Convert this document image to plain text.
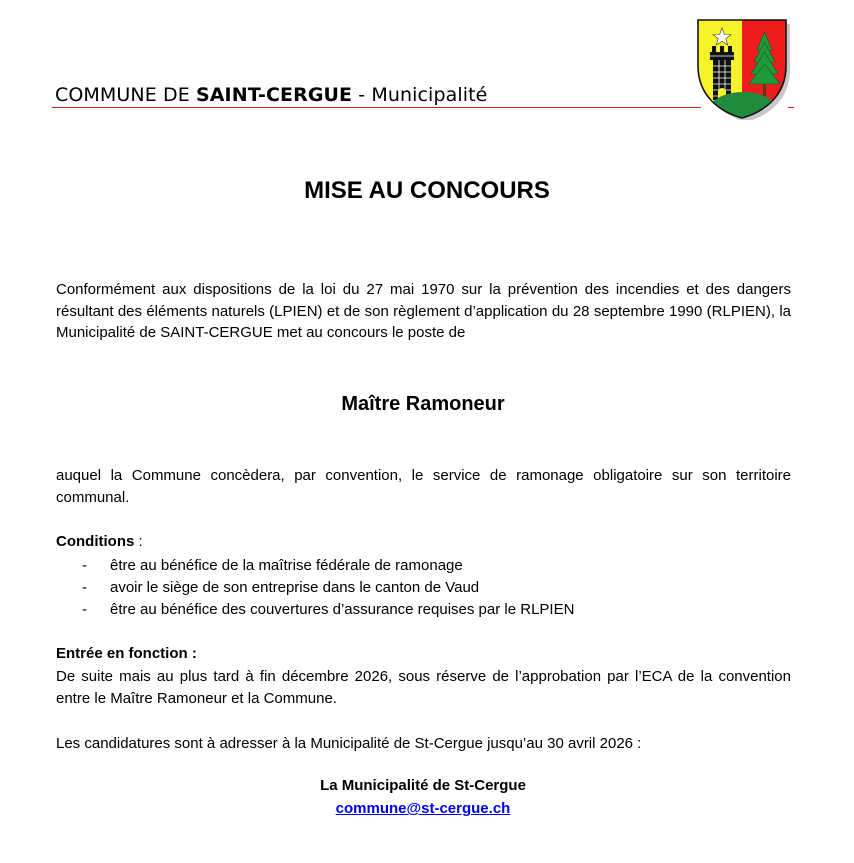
COMMUNE DE SAINT-CERGUE - Municipalité
MISE AU CONCOURS
Conformément aux dispositions de la loi du 27 mai 1970 sur la prévention des incendies et des dangers résultant des éléments naturels (LPIEN) et de son règlement d’application du 28 septembre 1990 (RLPIEN), la Municipalité de SAINT-CERGUE met au concours le poste de
Maître Ramoneur
auquel la Commune concèdera, par convention, le service de ramonage obligatoire sur son territoire communal.
Conditions :
- être au bénéfice de la maîtrise fédérale de ramonage
- avoir le siège de son entreprise dans le canton de Vaud
- être au bénéfice des couvertures d’assurance requises par le RLPIEN
Entrée en fonction :
De suite mais au plus tard à fin décembre 2026, sous réserve de l’approbation par l’ECA de la convention entre le Maître Ramoneur et la Commune.
Les candidatures sont à adresser à la Municipalité de St-Cergue jusqu’au 30 avril 2026 :
La Municipalité de St-Cergue
commune@st-cergue.ch
